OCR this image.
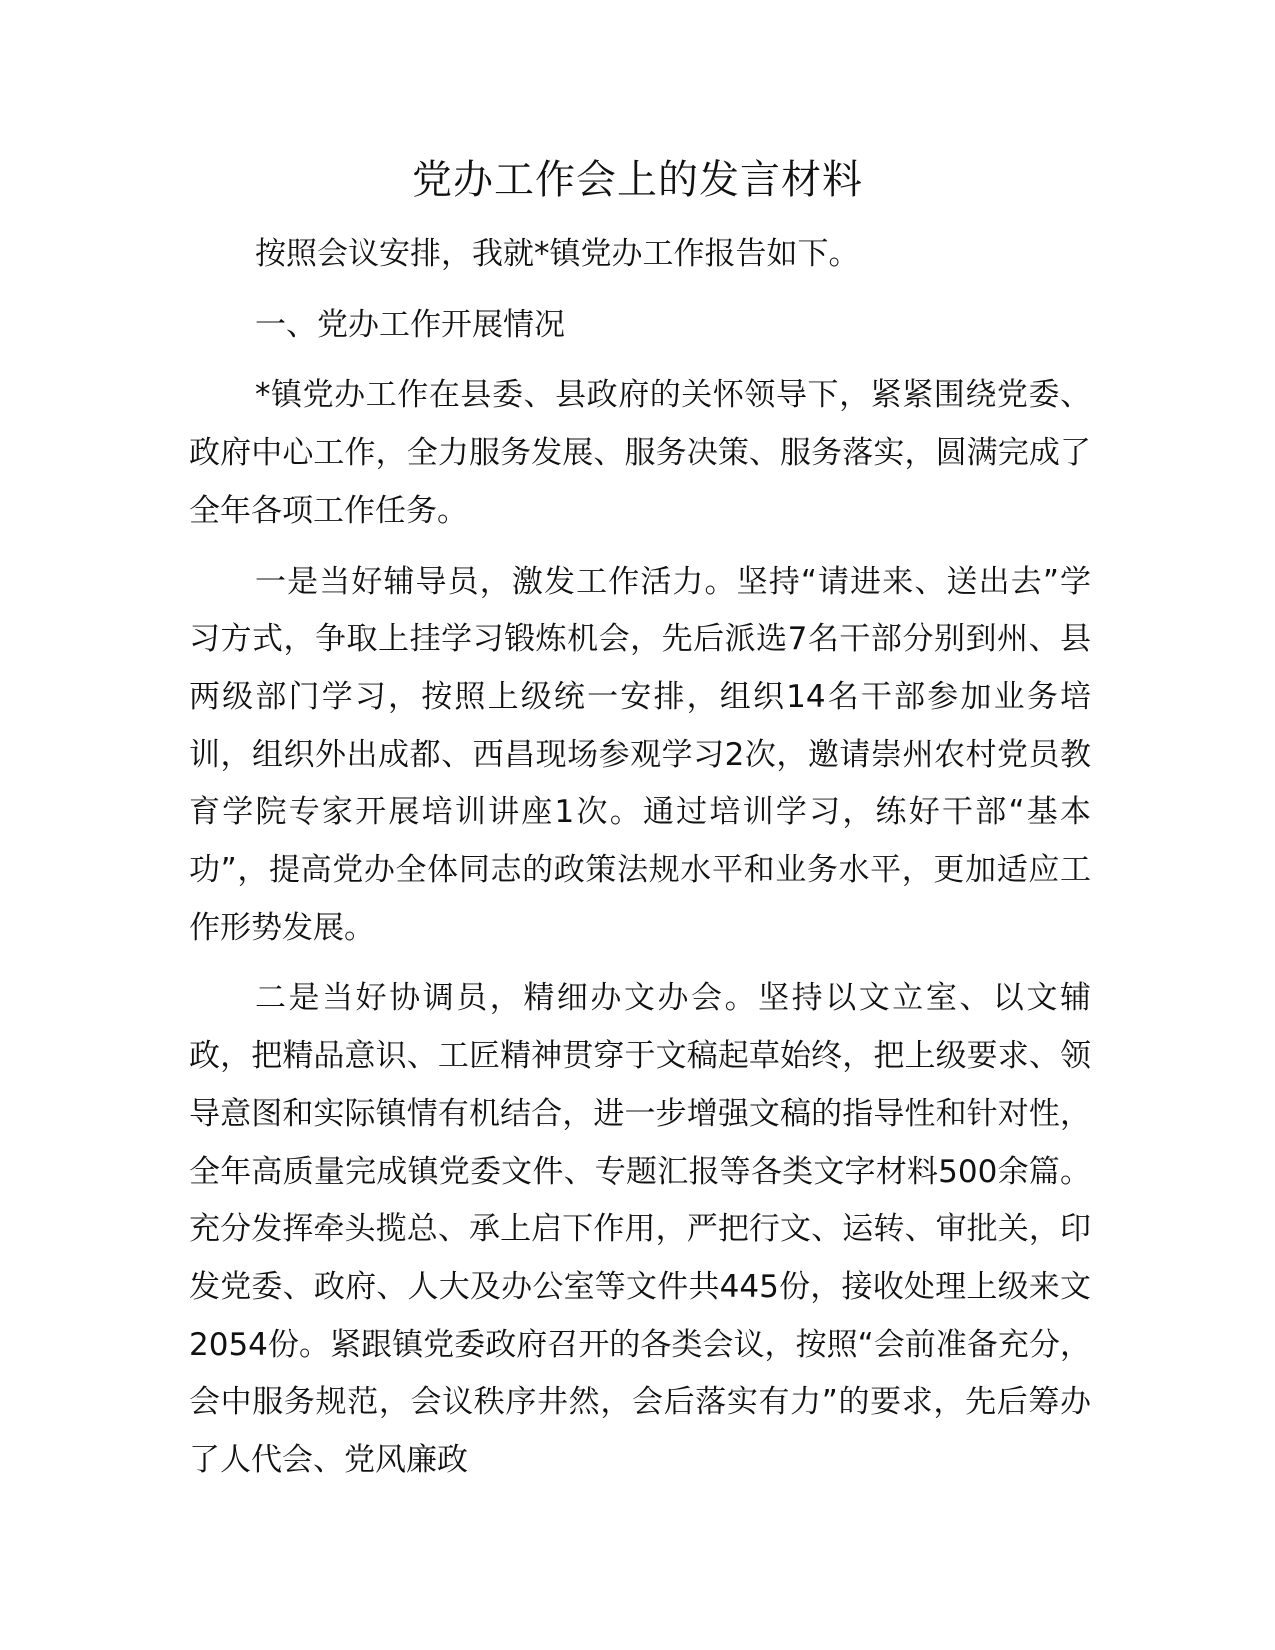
党办工作会上的发言材料

按照会议安排，我就*镇党办工作报告如下。

一、党办工作开展情况

*镇党办工作在县委、县政府的关怀领导下，紧紧围绕党委、政府中心工作，全力服务发展、服务决策、服务落实，圆满完成了全年各项工作任务。

一是当好辅导员，激发工作活力。坚持“请进来、送出去”学习方式，争取上挂学习锻炼机会，先后派选7名干部分别到州、县两级部门学习，按照上级统一安排，组织14名干部参加业务培训，组织外出成都、西昌现场参观学习2次，邀请崇州农村党员教育学院专家开展培训讲座1次。通过培训学习，练好干部“基本功”，提高党办全体同志的政策法规水平和业务水平，更加适应工作形势发展。

二是当好协调员，精细办文办会。坚持以文立室、以文辅政，把精品意识、工匠精神贯穿于文稿起草始终，把上级要求、领导意图和实际镇情有机结合，进一步增强文稿的指导性和针对性，全年高质量完成镇党委文件、专题汇报等各类文字材料500余篇。充分发挥牵头揽总、承上启下作用，严把行文、运转、审批关，印发党委、政府、人大及办公室等文件共445份，接收处理上级来文2054份。紧跟镇党委政府召开的各类会议，按照“会前准备充分，会中服务规范，会议秩序井然，会后落实有力”的要求，先后筹办了人代会、党风廉政
